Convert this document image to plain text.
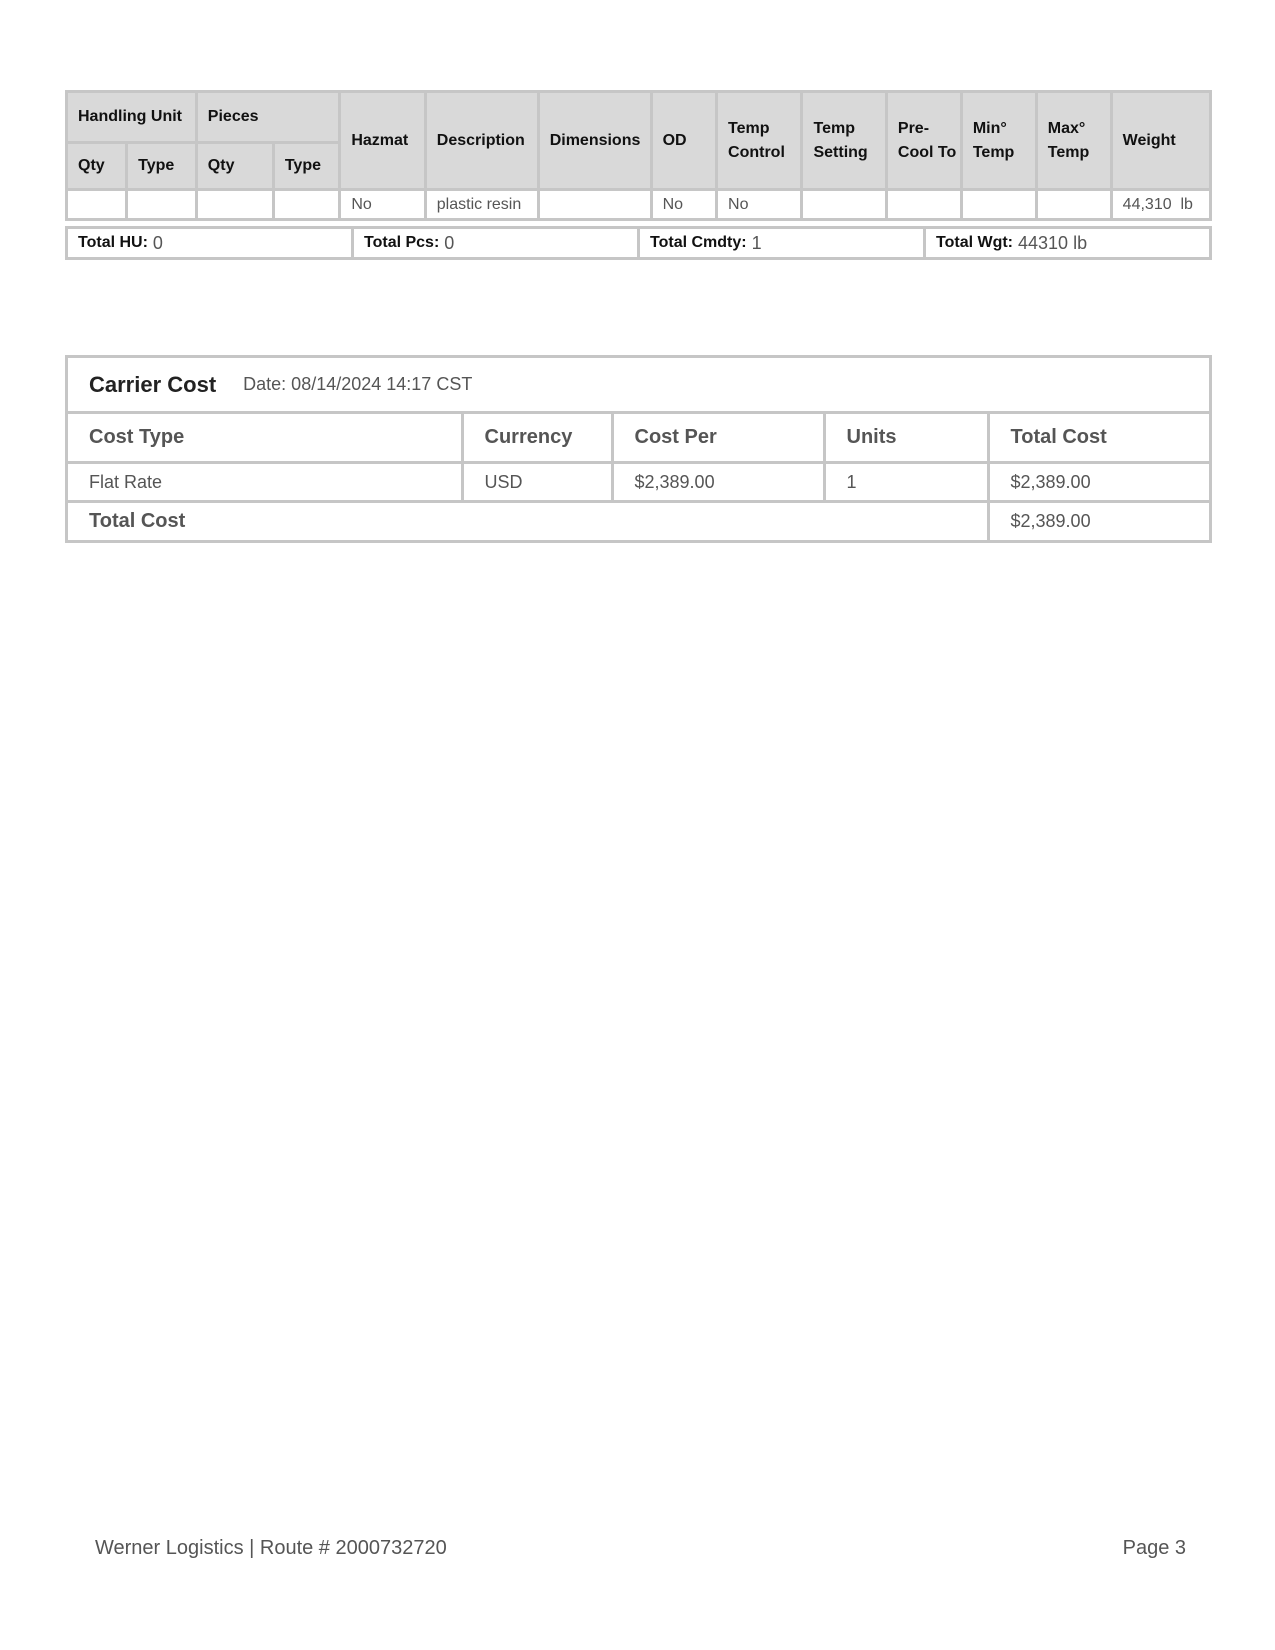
Handling Unit		Pieces		Hazmat	Description	Dimensions	OD	Temp Control	Temp Setting	Pre-Cool To	Min° Temp	Max° Temp	Weight
Qty	Type	Qty	Type										
				No	plastic resin		No	No					44,310  lb
Total HU: 0	Total Pcs: 0	Total Cmdty: 1	Total Wgt: 44310 lb
Carrier Cost Date: 08/14/2024 14:17 CST
Cost Type	Currency	Cost Per	Units	Total Cost
Flat Rate	USD	$2,389.00	1	$2,389.00
Total Cost				$2,389.00
Werner Logistics | Route # 2000732720	Page 3
